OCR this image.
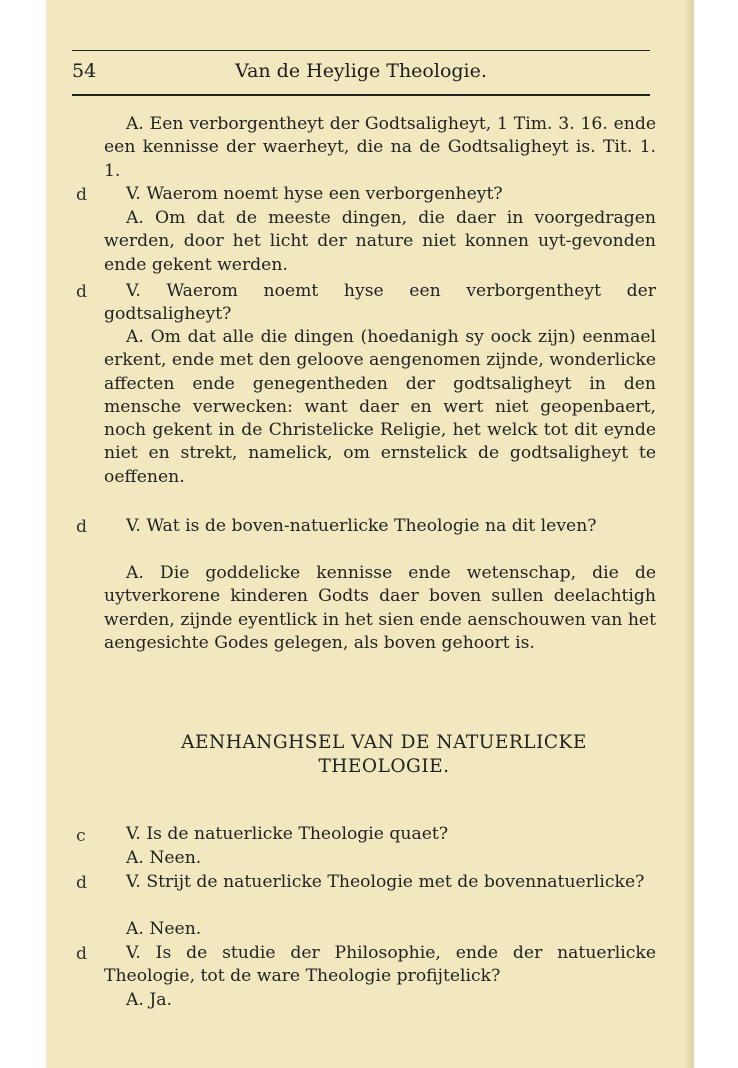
54	Van de Heylige Theologie.
A. Een verborgentheyt der Godtsaligheyt, 1 Tim. 3. 16. ende een kennisse der waerheyt, die na de Godtsaligheyt is. Tit. 1. 1.
d	V. Waerom noemt hyse een verborgenheyt?
A. Om dat de meeste dingen, die daer in voorgedragen werden, door het licht der nature niet konnen uyt-gevonden ende gekent werden.
d	V. Waerom noemt hyse een verborgentheyt der godtsaligheyt?
A. Om dat alle die dingen (hoedanigh sy oock zijn) eenmael erkent, ende met den geloove aengenomen zijnde, wonderlicke affecten ende genegentheden der godtsaligheyt in den mensche verwecken: want daer en wert niet geopenbaert, noch gekent in de Christelicke Religie, het welck tot dit eynde niet en strekt, namelick, om ernstelick de godtsaligheyt te oeffenen.
d	V. Wat is de boven-natuerlicke Theologie na dit leven?
A. Die goddelicke kennisse ende wetenschap, die de uytverkorene kinderen Godts daer boven sullen deelachtigh werden, zijnde eyentlick in het sien ende aenschouwen van het aengesichte Godes gelegen, als boven gehoort is.
AENHANGHSEL VAN DE NATUERLICKE
THEOLOGIE.
c	V. Is de natuerlicke Theologie quaet?
A. Neen.
d	V. Strijt de natuerlicke Theologie met de bovennatuerlicke?
A. Neen.
d	V. Is de studie der Philosophie, ende der natuerlicke Theologie, tot de ware Theologie profijtelick?
A. Ja.
